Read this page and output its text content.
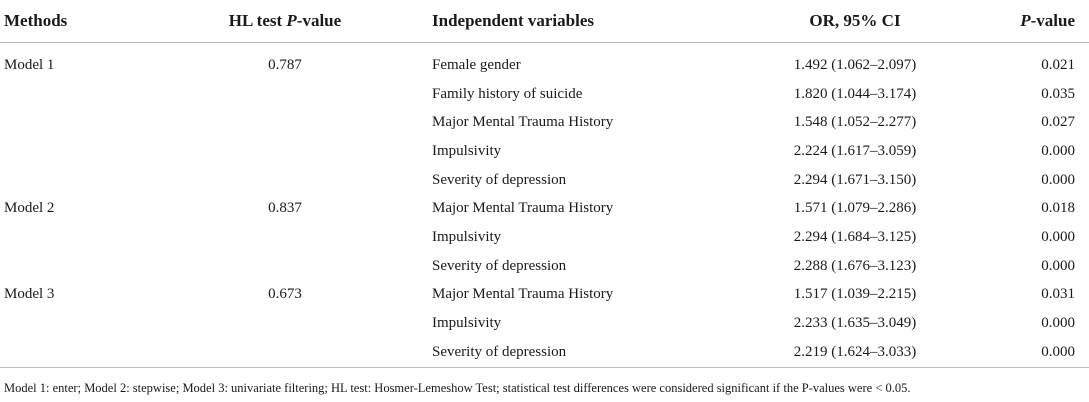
Methods	HL test P-value	Independent variables	OR, 95% CI	P-value

Model 1	0.787	Female gender	1.492 (1.062–2.097)	0.021
		Family history of suicide	1.820 (1.044–3.174)	0.035
		Major Mental Trauma History	1.548 (1.052–2.277)	0.027
		Impulsivity	2.224 (1.617–3.059)	0.000
		Severity of depression	2.294 (1.671–3.150)	0.000
Model 2	0.837	Major Mental Trauma History	1.571 (1.079–2.286)	0.018
		Impulsivity	2.294 (1.684–3.125)	0.000
		Severity of depression	2.288 (1.676–3.123)	0.000
Model 3	0.673	Major Mental Trauma History	1.517 (1.039–2.215)	0.031
		Impulsivity	2.233 (1.635–3.049)	0.000
		Severity of depression	2.219 (1.624–3.033)	0.000
Model 1: enter; Model 2: stepwise; Model 3: univariate filtering; HL test: Hosmer-Lemeshow Test; statistical test differences were considered significant if the P-values were < 0.05.
